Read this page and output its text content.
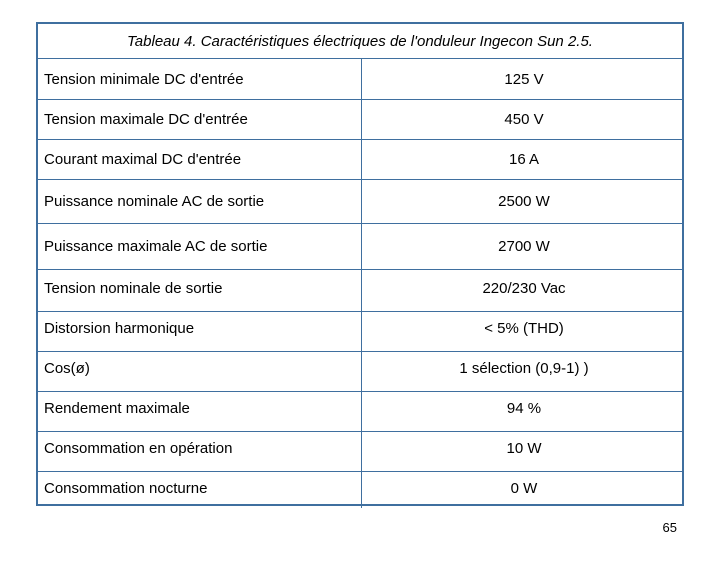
Tableau 4. Caractéristiques électriques de l'onduleur Ingecon Sun 2.5.
Tension minimale DC d'entrée	125 V
Tension maximale DC d'entrée	450 V
Courant maximal DC d'entrée	16 A
Puissance nominale AC de sortie	2500 W
Puissance maximale AC de sortie	2700 W
Tension nominale de sortie	220/230 Vac
Distorsion harmonique	< 5% (THD)
Cos(ø)	1 sélection (0,9-1) )
Rendement maximale	94 %
Consommation en opération	10 W
Consommation nocturne	0 W
65
